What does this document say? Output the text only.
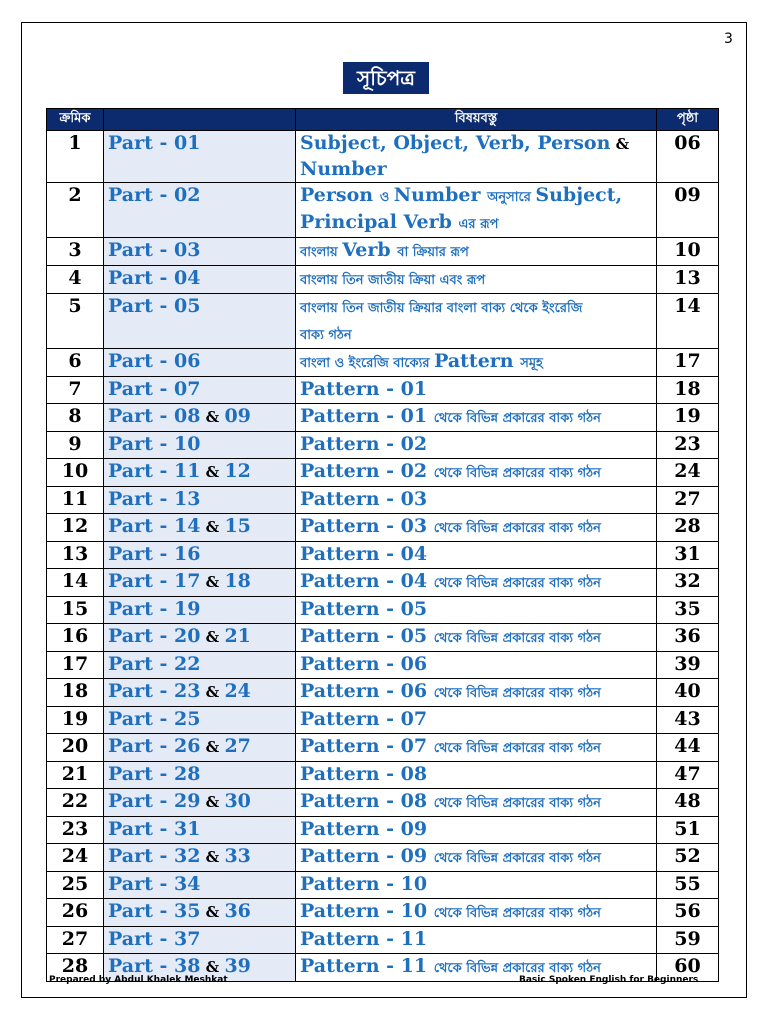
3
সূচিপত্র
ক্রমিক		বিষয়বস্তু	পৃষ্ঠা
1	Part - 01	Subject, Object, Verb, Person &
Number	06
2	Part - 02	Person ও Number অনুসারে Subject,
Principal Verb এর রূপ	09
3	Part - 03	বাংলায় Verb বা ক্রিয়ার রূপ	10
4	Part - 04	বাংলায় তিন জাতীয় ক্রিয়া এবং রূপ	13
5	Part - 05	বাংলায় তিন জাতীয় ক্রিয়ার বাংলা বাক্য থেকে ইংরেজি
বাক্য গঠন	14
6	Part - 06	বাংলা ও ইংরেজি বাক্যের Pattern সমূহ	17
7	Part - 07	Pattern - 01	18
8	Part - 08 & 09	Pattern - 01 থেকে বিভিন্ন প্রকারের বাক্য গঠন	19
9	Part - 10	Pattern - 02	23
10	Part - 11 & 12	Pattern - 02 থেকে বিভিন্ন প্রকারের বাক্য গঠন	24
11	Part - 13	Pattern - 03	27
12	Part - 14 & 15	Pattern - 03 থেকে বিভিন্ন প্রকারের বাক্য গঠন	28
13	Part - 16	Pattern - 04	31
14	Part - 17 & 18	Pattern - 04 থেকে বিভিন্ন প্রকারের বাক্য গঠন	32
15	Part - 19	Pattern - 05	35
16	Part - 20 & 21	Pattern - 05 থেকে বিভিন্ন প্রকারের বাক্য গঠন	36
17	Part - 22	Pattern - 06	39
18	Part - 23 & 24	Pattern - 06 থেকে বিভিন্ন প্রকারের বাক্য গঠন	40
19	Part - 25	Pattern - 07	43
20	Part - 26 & 27	Pattern - 07 থেকে বিভিন্ন প্রকারের বাক্য গঠন	44
21	Part - 28	Pattern - 08	47
22	Part - 29 & 30	Pattern - 08 থেকে বিভিন্ন প্রকারের বাক্য গঠন	48
23	Part - 31	Pattern - 09	51
24	Part - 32 & 33	Pattern - 09 থেকে বিভিন্ন প্রকারের বাক্য গঠন	52
25	Part - 34	Pattern - 10	55
26	Part - 35 & 36	Pattern - 10 থেকে বিভিন্ন প্রকারের বাক্য গঠন	56
27	Part - 37	Pattern - 11	59
28	Part - 38 & 39	Pattern - 11 থেকে বিভিন্ন প্রকারের বাক্য গঠন	60
Prepared by Abdul Khalek Meshkat	Basic Spoken English for Beginners
